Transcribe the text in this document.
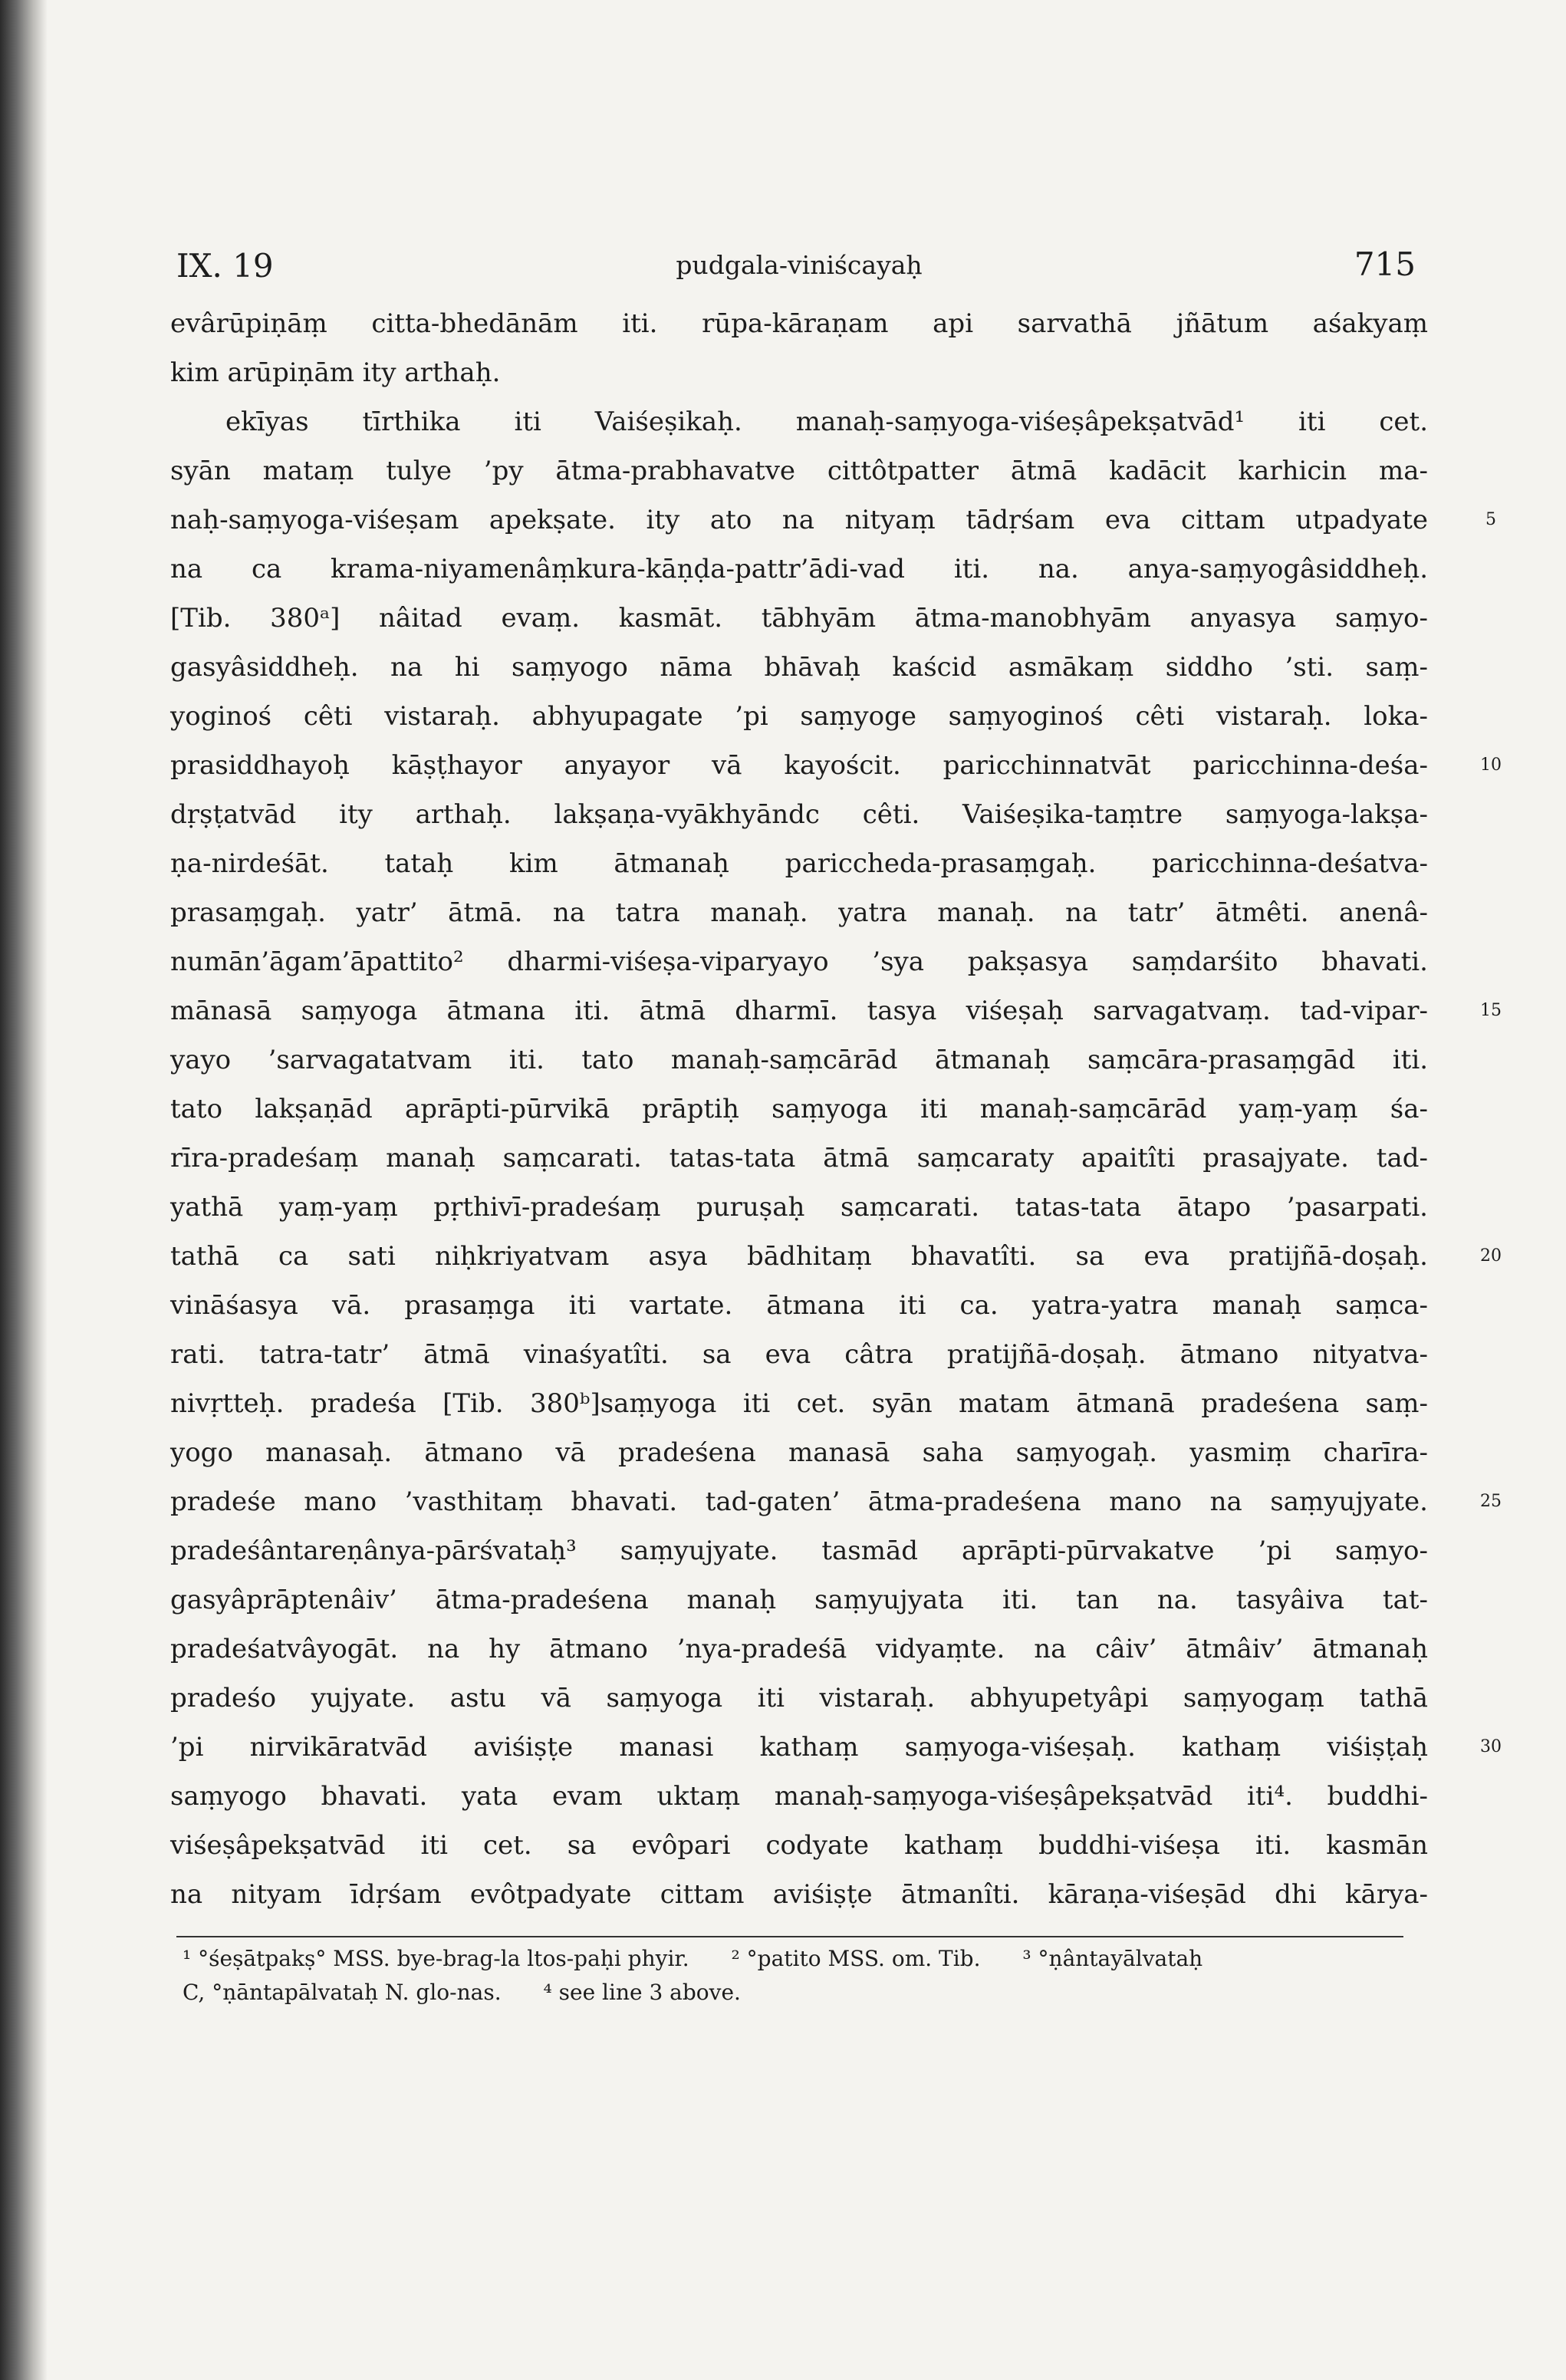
IX. 19	pudgala-viniścayaḥ	715
evârūpiṇāṃ citta-bhedānām iti. rūpa-kāraṇam api sarvathā jñātum aśakyaṃ
kim arūpiṇām ity arthaḥ.
ekīyas tīrthika iti Vaiśeṣikaḥ. manaḥ-saṃyoga-viśeṣâpekṣatvād¹ iti cet.
syān mataṃ tulye ’py ātma-prabhavatve cittôtpatter ātmā kadācit karhicin ma-
naḥ-saṃyoga-viśeṣam apekṣate. ity ato na nityaṃ tādṛśam eva cittam utpadyate	5
na ca krama-niyamenâṃkura-kāṇḍa-pattr’ādi-vad iti. na. anya-saṃyogâsiddheḥ.
[Tib. 380ᵃ] nâitad evaṃ. kasmāt. tābhyām ātma-manobhyām anyasya saṃyo-
gasyâsiddheḥ. na hi saṃyogo nāma bhāvaḥ kaścid asmākaṃ siddho ’sti. saṃ-
yoginoś cêti vistaraḥ. abhyupagate ’pi saṃyoge saṃyoginoś cêti vistaraḥ. loka-
prasiddhayoḥ kāṣṭhayor anyayor vā kayościt. paricchinnatvāt paricchinna-deśa-	10
dṛṣṭatvād ity arthaḥ. lakṣaṇa-vyākhyāndc cêti. Vaiśeṣika-taṃtre saṃyoga-lakṣa-
ṇa-nirdeśāt. tataḥ kim ātmanaḥ pariccheda-prasaṃgaḥ. paricchinna-deśatva-
prasaṃgaḥ. yatr’ ātmā. na tatra manaḥ. yatra manaḥ. na tatr’ ātmêti. anenâ-
numān’āgam’āpattito² dharmi-viśeṣa-viparyayo ’sya pakṣasya saṃdarśito bhavati.
mānasā saṃyoga ātmana iti. ātmā dharmī. tasya viśeṣaḥ sarvagatvaṃ. tad-vipar-	15
yayo ’sarvagatatvam iti. tato manaḥ-saṃcārād ātmanaḥ saṃcāra-prasaṃgād iti.
tato lakṣaṇād aprāpti-pūrvikā prāptiḥ saṃyoga iti manaḥ-saṃcārād yaṃ-yaṃ śa-
rīra-pradeśaṃ manaḥ saṃcarati. tatas-tata ātmā saṃcaraty apaitîti prasajyate. tad-
yathā yaṃ-yaṃ pṛthivī-pradeśaṃ puruṣaḥ saṃcarati. tatas-tata ātapo ’pasarpati.
tathā ca sati niḥkriyatvam asya bādhitaṃ bhavatîti. sa eva pratijñā-doṣaḥ.	20
vināśasya vā. prasaṃga iti vartate. ātmana iti ca. yatra-yatra manaḥ saṃca-
rati. tatra-tatr’ ātmā vinaśyatîti. sa eva câtra pratijñā-doṣaḥ. ātmano nityatva-
nivṛtteḥ. pradeśa [Tib. 380ᵇ]saṃyoga iti cet. syān matam ātmanā pradeśena saṃ-
yogo manasaḥ. ātmano vā pradeśena manasā saha saṃyogaḥ. yasmiṃ charīra-
pradeśe mano ’vasthitaṃ bhavati. tad-gaten’ ātma-pradeśena mano na saṃyujyate.	25
pradeśântareṇânya-pārśvataḥ³ saṃyujyate. tasmād aprāpti-pūrvakatve ’pi saṃyo-
gasyâprāptenâiv’ ātma-pradeśena manaḥ saṃyujyata iti. tan na. tasyâiva tat-
pradeśatvâyogāt. na hy ātmano ’nya-pradeśā vidyaṃte. na câiv’ ātmâiv’ ātmanaḥ
pradeśo yujyate. astu vā saṃyoga iti vistaraḥ. abhyupetyâpi saṃyogaṃ tathā
’pi nirvikāratvād aviśiṣṭe manasi kathaṃ saṃyoga-viśeṣaḥ. kathaṃ viśiṣṭaḥ	30
saṃyogo bhavati. yata evam uktaṃ manaḥ-saṃyoga-viśeṣâpekṣatvād iti⁴. buddhi-
viśeṣâpekṣatvād iti cet. sa evôpari codyate kathaṃ buddhi-viśeṣa iti. kasmān
na nityam īdṛśam evôtpadyate cittam aviśiṣṭe ātmanîti. kāraṇa-viśeṣād dhi kārya-
¹ °śeṣātpakṣ° MSS. bye-brag-la ltos-paḥi phyir. ² °patito MSS. om. Tib. ³ °ṇântayālvataḥ
C, °ṇāntapālvataḥ N. glo-nas. ⁴ see line 3 above.
